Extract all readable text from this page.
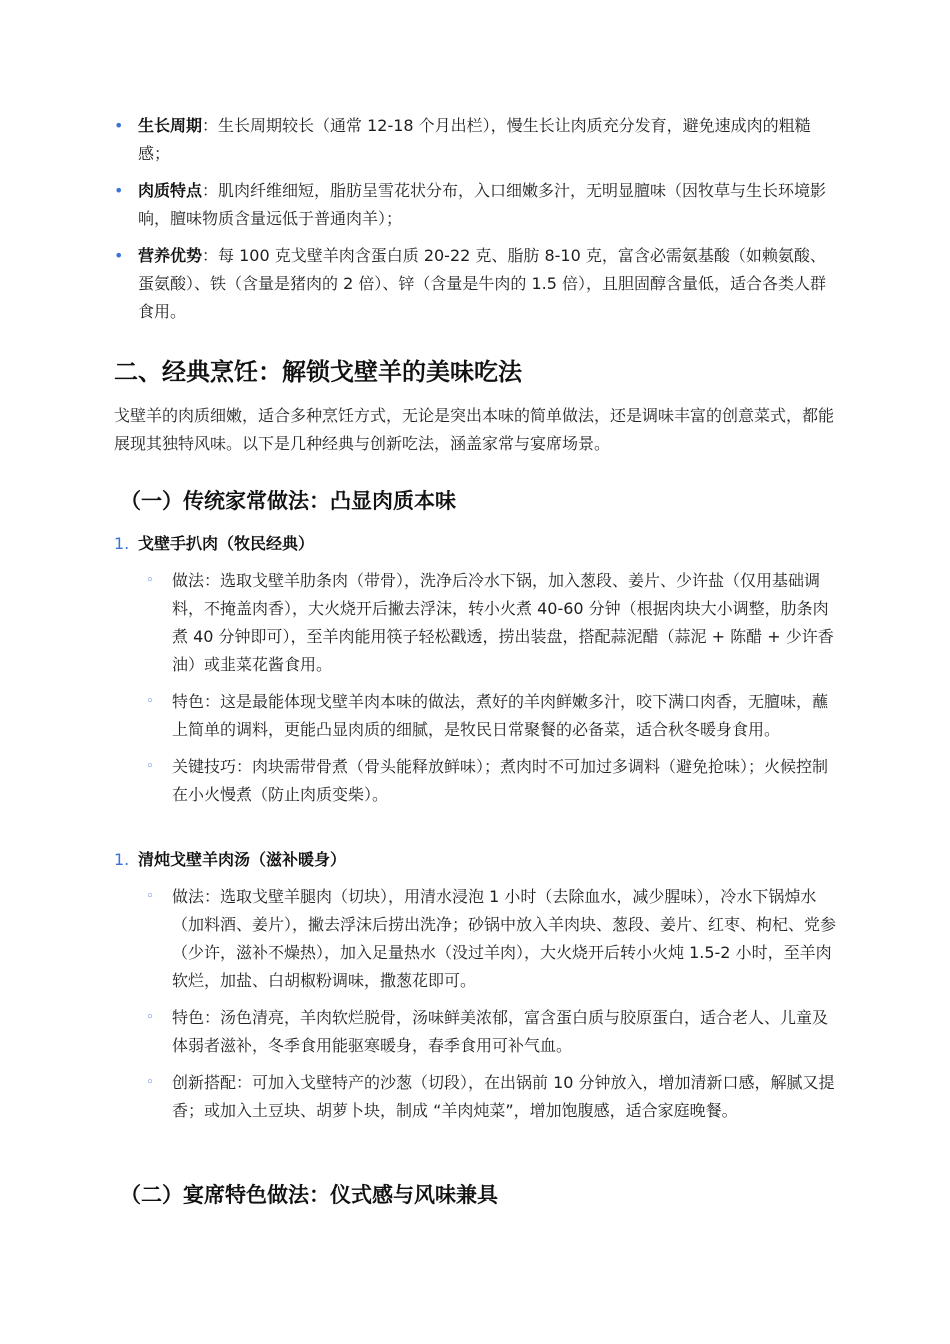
• 生长周期：生长周期较长（通常 12-18 个月出栏），慢生长让肉质充分发育，避免速成肉的粗糙感；
• 肉质特点：肌肉纤维细短，脂肪呈雪花状分布，入口细嫩多汁，无明显膻味（因牧草与生长环境影响，膻味物质含量远低于普通肉羊）；
• 营养优势：每 100 克戈壁羊肉含蛋白质 20-22 克、脂肪 8-10 克，富含必需氨基酸（如赖氨酸、蛋氨酸）、铁（含量是猪肉的 2 倍）、锌（含量是牛肉的 1.5 倍），且胆固醇含量低，适合各类人群食用。
二、经典烹饪：解锁戈壁羊的美味吃法
戈壁羊的肉质细嫩，适合多种烹饪方式，无论是突出本味的简单做法，还是调味丰富的创意菜式，都能展现其独特风味。以下是几种经典与创新吃法，涵盖家常与宴席场景。
（一）传统家常做法：凸显肉质本味
1. 戈壁手扒肉（牧民经典）
◦ 做法：选取戈壁羊肋条肉（带骨），洗净后冷水下锅，加入葱段、姜片、少许盐（仅用基础调料，不掩盖肉香），大火烧开后撇去浮沫，转小火煮 40-60 分钟（根据肉块大小调整，肋条肉煮 40 分钟即可），至羊肉能用筷子轻松戳透，捞出装盘，搭配蒜泥醋（蒜泥 + 陈醋 + 少许香油）或韭菜花酱食用。
◦ 特色：这是最能体现戈壁羊肉本味的做法，煮好的羊肉鲜嫩多汁，咬下满口肉香，无膻味，蘸上简单的调料，更能凸显肉质的细腻，是牧民日常聚餐的必备菜，适合秋冬暖身食用。
◦ 关键技巧：肉块需带骨煮（骨头能释放鲜味）；煮肉时不可加过多调料（避免抢味）；火候控制在小火慢煮（防止肉质变柴）。
1. 清炖戈壁羊肉汤（滋补暖身）
◦ 做法：选取戈壁羊腿肉（切块），用清水浸泡 1 小时（去除血水，减少腥味），冷水下锅焯水（加料酒、姜片），撇去浮沫后捞出洗净；砂锅中放入羊肉块、葱段、姜片、红枣、枸杞、党参（少许，滋补不燥热），加入足量热水（没过羊肉），大火烧开后转小火炖 1.5-2 小时，至羊肉软烂，加盐、白胡椒粉调味，撒葱花即可。
◦ 特色：汤色清亮，羊肉软烂脱骨，汤味鲜美浓郁，富含蛋白质与胶原蛋白，适合老人、儿童及体弱者滋补，冬季食用能驱寒暖身，春季食用可补气血。
◦ 创新搭配：可加入戈壁特产的沙葱（切段），在出锅前 10 分钟放入，增加清新口感，解腻又提香；或加入土豆块、胡萝卜块，制成 “羊肉炖菜”，增加饱腹感，适合家庭晚餐。
（二）宴席特色做法：仪式感与风味兼具
